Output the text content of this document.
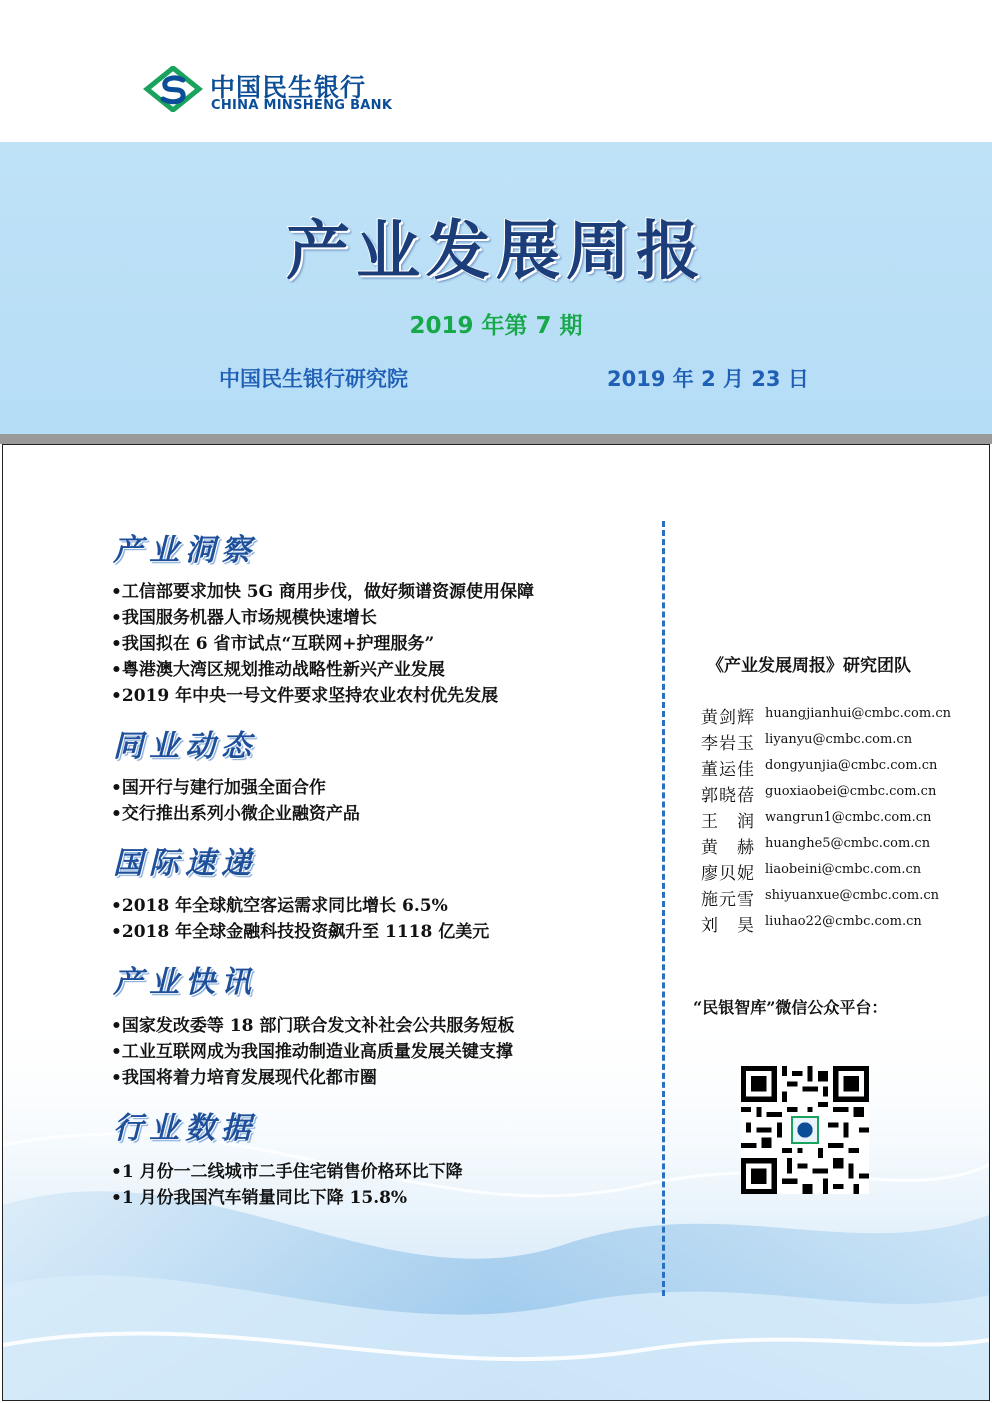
中国民生银行
CHINA MINSHENG BANK
产业发展周报
2019 年第 7 期
中国民生银行研究院	2019 年 2 月 23 日
产业洞察
•工信部要求加快 5G 商用步伐，做好频谱资源使用保障
•我国服务机器人市场规模快速增长
•我国拟在 6 省市试点“互联网+护理服务”
•粤港澳大湾区规划推动战略性新兴产业发展
•2019 年中央一号文件要求坚持农业农村优先发展
同业动态
•国开行与建行加强全面合作
•交行推出系列小微企业融资产品
国际速递
•2018 年全球航空客运需求同比增长 6.5%
•2018 年全球金融科技投资飙升至 1118 亿美元
产业快讯
•国家发改委等 18 部门联合发文补社会公共服务短板
•工业互联网成为我国推动制造业高质量发展关键支撑
•我国将着力培育发展现代化都市圈
行业数据
•1 月份一二线城市二手住宅销售价格环比下降
•1 月份我国汽车销量同比下降 15.8%
《产业发展周报》研究团队
黄剑辉 huangjianhui@cmbc.com.cn
李岩玉 liyanyu@cmbc.com.cn
董运佳 dongyunjia@cmbc.com.cn
郭晓蓓 guoxiaobei@cmbc.com.cn
王　润 wangrun1@cmbc.com.cn
黄　赫 huanghe5@cmbc.com.cn
廖贝妮 liaobeini@cmbc.com.cn
施元雪 shiyuanxue@cmbc.com.cn
刘　昊 liuhao22@cmbc.com.cn
“民银智库”微信公众平台：
